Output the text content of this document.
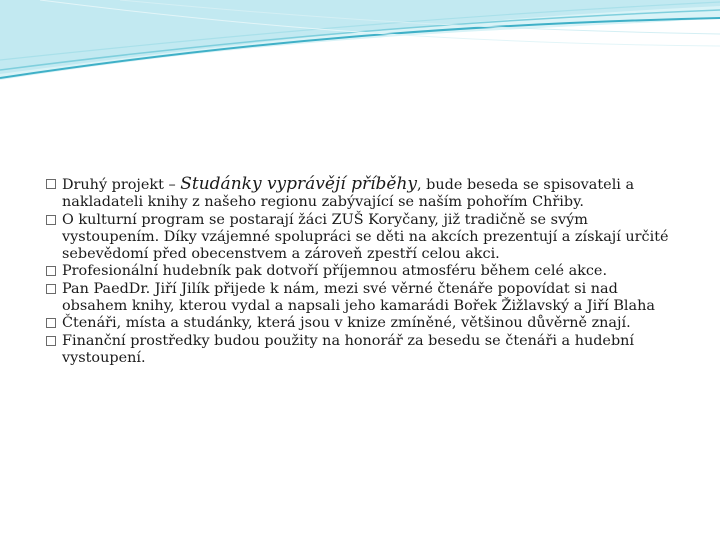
Druhý projekt – Studánky vyprávějí příběhy, bude beseda se spisovateli a nakladateli knihy z našeho regionu zabývající se naším pohořím Chřiby.
O kulturní program se postarají žáci ZUŠ Koryčany, již tradičně se svým vystoupením. Díky vzájemné spolupráci se děti na akcích prezentují a získají určité sebevědomí před obecenstvem a zároveň zpestří celou akci.
Profesionální hudebník pak dotvoří příjemnou atmosféru během celé akce.
Pan PaedDr. Jiří Jilík přijede k nám, mezi své věrné čtenáře popovídat si nad obsahem knihy, kterou vydal a napsali jeho kamarádi Bořek Žižlavský a Jiří Blaha
Čtenáři, místa a studánky, která jsou v knize zmíněné, většinou důvěrně znají.
Finanční prostředky budou použity na honorář za besedu se čtenáři a hudební vystoupení.
